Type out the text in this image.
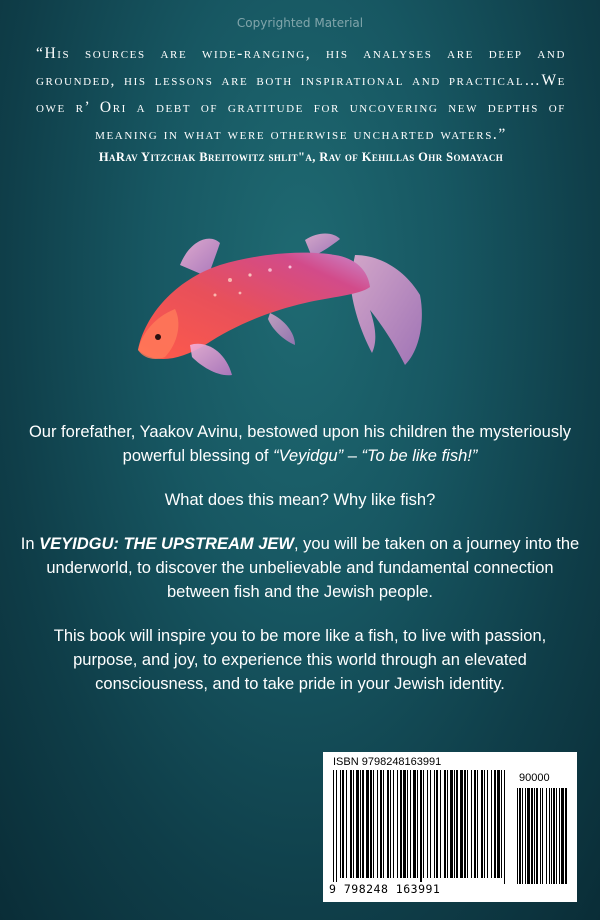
Copyrighted Material
“His sources are wide-ranging, his analyses are deep and grounded, his lessons are both inspirational and practical…We owe r’ Ori a debt of gratitude for uncovering new depths of meaning in what were otherwise uncharted waters.”
HaRav Yitzchak Breitowitz shlit"a, Rav of Kehillas Ohr Somayach

Our forefather, Yaakov Avinu, bestowed upon his children the mysteriously powerful blessing of “Veyidgu” – “To be like fish!”

What does this mean? Why like fish?

In VEYIDGU: THE UPSTREAM JEW, you will be taken on a journey into the underworld, to discover the unbelievable and fundamental connection between fish and the Jewish people.

This book will inspire you to be more like a fish, to live with passion, purpose, and joy, to experience this world through an elevated consciousness, and to take pride in your Jewish identity.

ISBN 9798248163991
90000
9 798248 163991
